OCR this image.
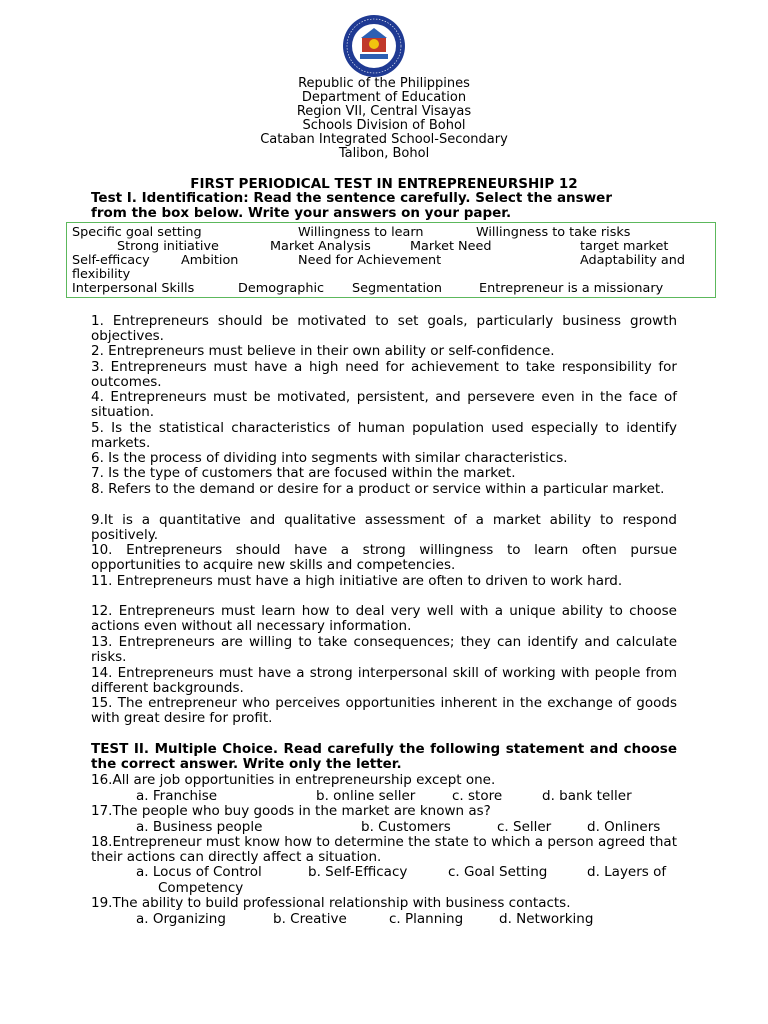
Republic of the Philippines
Department of Education
Region VII, Central Visayas
Schools Division of Bohol
Cataban Integrated School-Secondary
Talibon, Bohol
FIRST PERIODICAL TEST IN ENTREPRENEURSHIP 12
Test I. Identification: Read the sentence carefully. Select the answer
from the box below. Write your answers on your paper.
Specific goal setting	Willingness to learn	Willingness to take risks
Strong initiative	Market Analysis	Market Need	target market
Self-efficacy Ambition	Need for Achievement	Adaptability and
flexibility
Interpersonal Skills	Demographic Segmentation	Entrepreneur is a missionary

1. Entrepreneurs should be motivated to set goals, particularly business growth objectives.

2. Entrepreneurs must believe in their own ability or self-confidence.

3. Entrepreneurs must have a high need for achievement to take responsibility for outcomes.

4. Entrepreneurs must be motivated, persistent, and persevere even in the face of situation.

5. Is the statistical characteristics of human population used especially to identify markets.

6. Is the process of dividing into segments with similar characteristics.

7. Is the type of customers that are focused within the market.

8. Refers to the demand or desire for a product or service within a particular market.

9.It is a quantitative and qualitative assessment of a market ability to respond positively.

10. Entrepreneurs should have a strong willingness to learn often pursue opportunities to acquire new skills and competencies.

11. Entrepreneurs must have a high initiative are often to driven to work hard.

12. Entrepreneurs must learn how to deal very well with a unique ability to choose actions even without all necessary information.

13. Entrepreneurs are willing to take consequences; they can identify and calculate risks.

14. Entrepreneurs must have a strong interpersonal skill of working with people from different backgrounds.

15. The entrepreneur who perceives opportunities inherent in the exchange of goods with great desire for profit.

TEST II. Multiple Choice. Read carefully the following statement and choose the correct answer. Write only the letter.

16.All are job opportunities in entrepreneurship except one.

a. Franchise	b. online seller	c. store	d. bank teller

17.The people who buy goods in the market are known as?

a. Business people	b. Customers	c. Seller	d. Onliners

18.Entrepreneur must know how to determine the state to which a person agreed that their actions can directly affect a situation.

a. Locus of Control	b. Self-Efficacy	c. Goal Setting	d. Layers of
Competency

19.The ability to build professional relationship with business contacts.

a. Organizing	b. Creative	c. Planning	d. Networking
